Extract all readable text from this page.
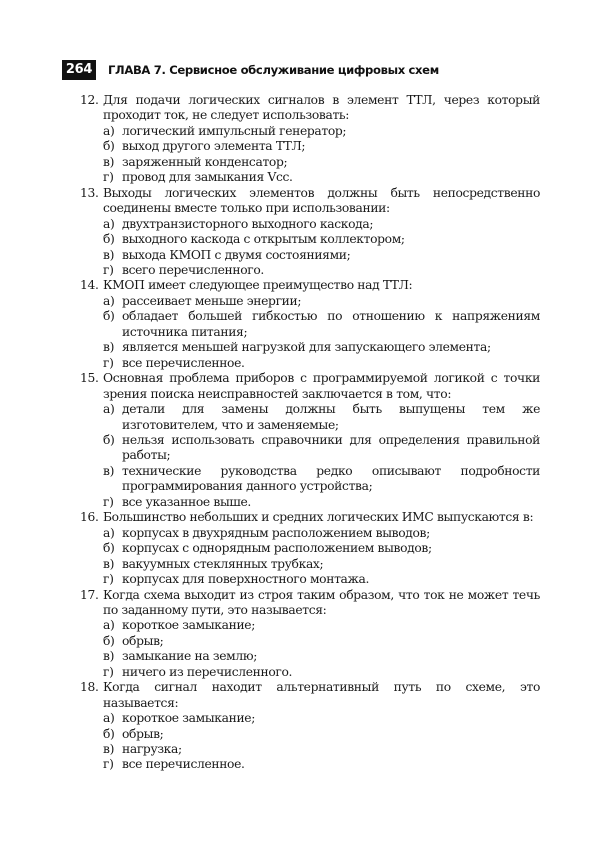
264	ГЛАВА 7. Сервисное обслуживание цифровых схем
12. Для подачи логических сигналов в элемент ТТЛ, через который проходит ток, не следует использовать:
а) логический импульсный генератор;
б) выход другого элемента ТТЛ;
в) заряженный конденсатор;
г) провод для замыкания Vcc.
13. Выходы логических элементов должны быть непосредственно соединены вместе только при использовании:
а) двухтранзисторного выходного каскода;
б) выходного каскода с открытым коллектором;
в) выхода КМОП с двумя состояниями;
г) всего перечисленного.
14. КМОП имеет следующее преимущество над ТТЛ:
а) рассеивает меньше энергии;
б) обладает большей гибкостью по отношению к напряжениям источника питания;
в) является меньшей нагрузкой для запускающего элемента;
г) все перечисленное.
15. Основная проблема приборов с программируемой логикой с точки зрения поиска неисправностей заключается в том, что:
а) детали для замены должны быть выпущены тем же изготовителем, что и заменяемые;
б) нельзя использовать справочники для определения правильной работы;
в) технические руководства редко описывают подробности программирования данного устройства;
г) все указанное выше.
16. Большинство небольших и средних логических ИМС выпускаются в:
а) корпусах в двухрядным расположением выводов;
б) корпусах с однорядным расположением выводов;
в) вакуумных стеклянных трубках;
г) корпусах для поверхностного монтажа.
17. Когда схема выходит из строя таким образом, что ток не может течь по заданному пути, это называется:
а) короткое замыкание;
б) обрыв;
в) замыкание на землю;
г) ничего из перечисленного.
18. Когда сигнал находит альтернативный путь по схеме, это называется:
а) короткое замыкание;
б) обрыв;
в) нагрузка;
г) все перечисленное.
